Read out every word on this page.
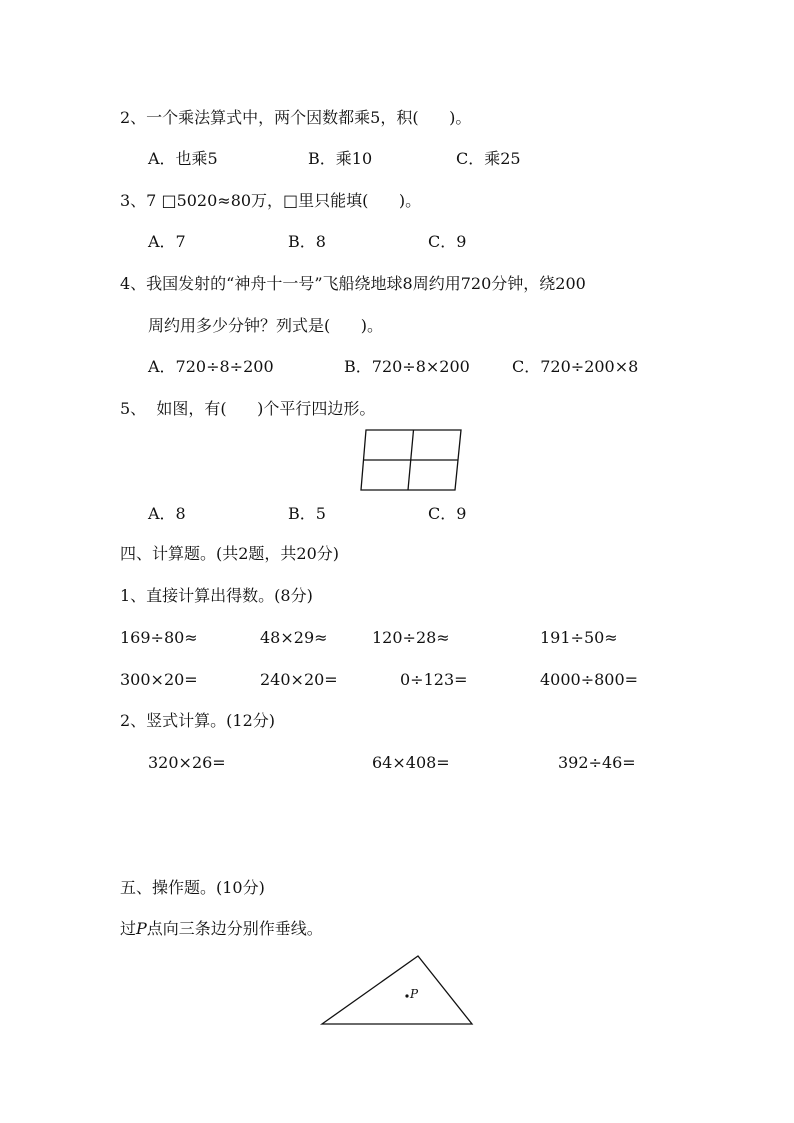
2、一个乘法算式中，两个因数都乘5，积(      )。
A．也乘5	B．乘10	C．乘25
3、7 □5020≈80万，□里只能填(      )。
A．7	B．8	C．9
4、我国发射的“神舟十一号”飞船绕地球8周约用720分钟，绕200
周约用多少分钟？列式是(      )。
A．720÷8÷200	B．720÷8×200	C．720÷200×8
5、  如图，有(      )个平行四边形。
A．8	B．5	C．9
四、计算题。(共2题，共20分)
1、直接计算出得数。(8分)
169÷80≈	48×29≈	120÷28≈	191÷50≈
300×20=	240×20=	0÷123=	4000÷800=
2、竖式计算。(12分)
320×26=	64×408=	392÷46=
五、操作题。(10分)
过P点向三条边分别作垂线。
P
